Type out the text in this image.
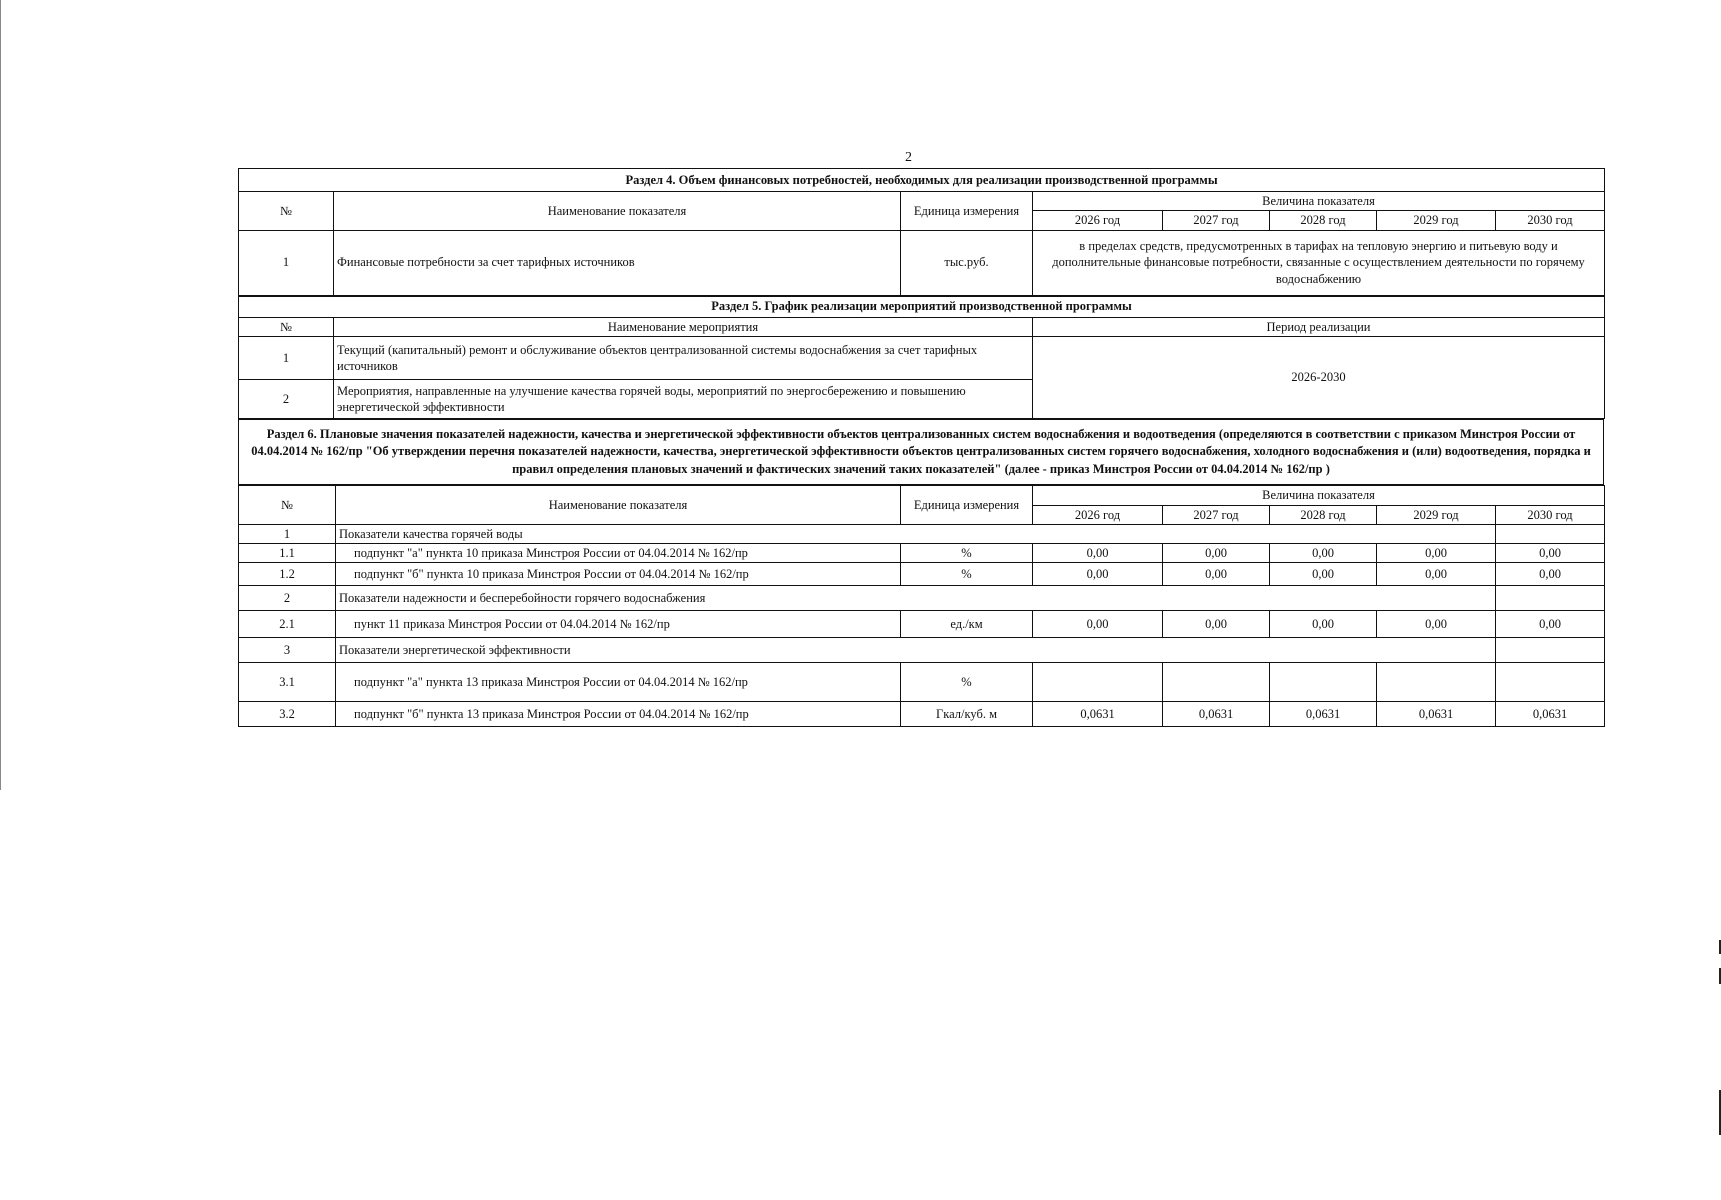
2
Раздел 4. Объем финансовых потребностей, необходимых для реализации производственной программы							
№	Наименование показателя	Единица измерения	Величина показателя				
			2026 год	2027 год	2028 год	2029 год	2030 год
1	Финансовые потребности за счет тарифных источников	тыс.руб.	в пределах средств, предусмотренных в тарифах на тепловую энергию и питьевую воду и дополнительные финансовые потребности, связанные с осуществлением деятельности по горячему водоснабжению				
Раздел 5. График реализации мероприятий производственной программы		
№	Наименование мероприятия	Период реализации
1	Текущий (капитальный) ремонт и обслуживание объектов централизованной системы водоснабжения за счет тарифных источников	2026-2030
2	Мероприятия, направленные на улучшение качества горячей воды, мероприятий по энергосбережению и повышению энергетической эффективности	
Раздел 6. Плановые значения показателей надежности, качества и энергетической эффективности объектов централизованных систем водоснабжения и водоотведения (определяются в соответствии с приказом Минстроя России от 04.04.2014 № 162/пр "Об утверждении перечня показателей надежности, качества, энергетической эффективности объектов централизованных систем горячего водоснабжения, холодного водоснабжения и (или) водоотведения, порядка и правил определения плановых значений и фактических значений таких показателей" (далее - приказ Минстроя России от 04.04.2014 № 162/пр )
№	Наименование показателя	Единица измерения	Величина показателя				
			2026 год	2027 год	2028 год	2029 год	2030 год
1	Показатели качества горячей воды						
1.1	подпункт "а" пункта 10 приказа Минстроя России от 04.04.2014 № 162/пр	%	0,00	0,00	0,00	0,00	0,00
1.2	подпункт "б" пункта 10 приказа Минстроя России от 04.04.2014 № 162/пр	%	0,00	0,00	0,00	0,00	0,00
2	Показатели надежности и бесперебойности горячего водоснабжения						
2.1	пункт 11 приказа Минстроя России от 04.04.2014 № 162/пр	ед./км	0,00	0,00	0,00	0,00	0,00
3	Показатели энергетической эффективности						
3.1	подпункт "а" пункта 13 приказа Минстроя России от 04.04.2014 № 162/пр	%					
3.2	подпункт "б" пункта 13 приказа Минстроя России от 04.04.2014 № 162/пр	Гкал/куб. м	0,0631	0,0631	0,0631	0,0631	0,0631
